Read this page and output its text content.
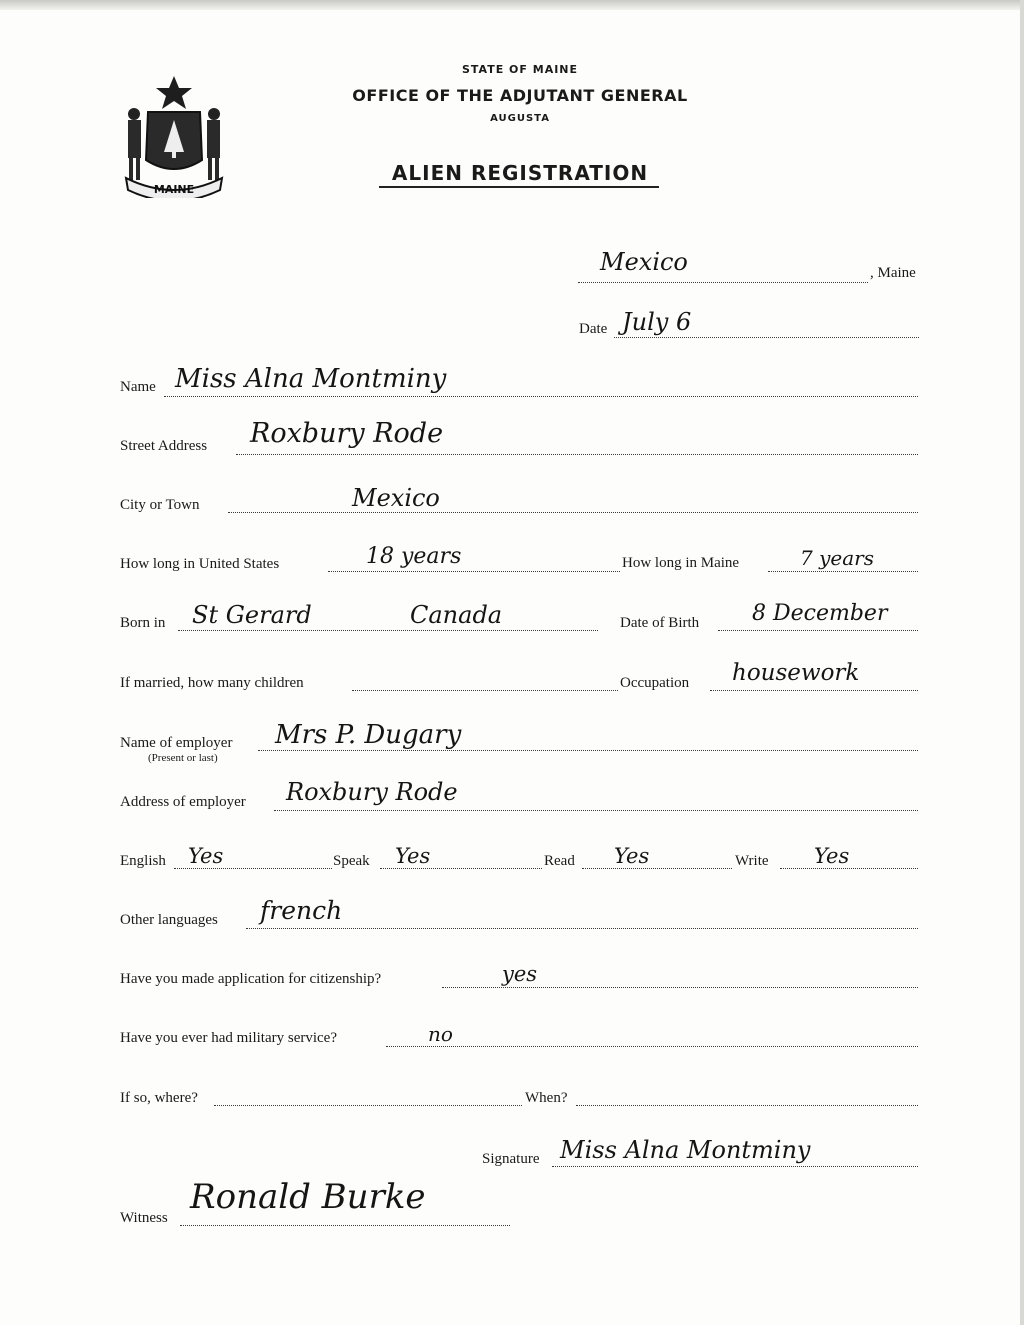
MAINE
STATE OF MAINE
OFFICE OF THE ADJUTANT GENERAL
AUGUSTA
ALIEN REGISTRATION
Mexico	, Maine
Date July 6
Name Miss Alna Montminy
Street Address Roxbury Rode
City or Town	Mexico
How long in United States	18 years	How long in Maine	7 years
Born in St Gerard	Canada	Date of Birth 8 December
If married, how many children	Occupation housework
Name of employer
(Present or last)
Mrs P. Dugary
Address of employer Roxbury Rode
English Yes	Speak Yes	Read Yes	Write Yes
Other languages french
Have you made application for citizenship?	yes
Have you ever had military service?	no
If so, where?	When?
Signature Miss Alna Montminy
Witness
Ronald Burke
